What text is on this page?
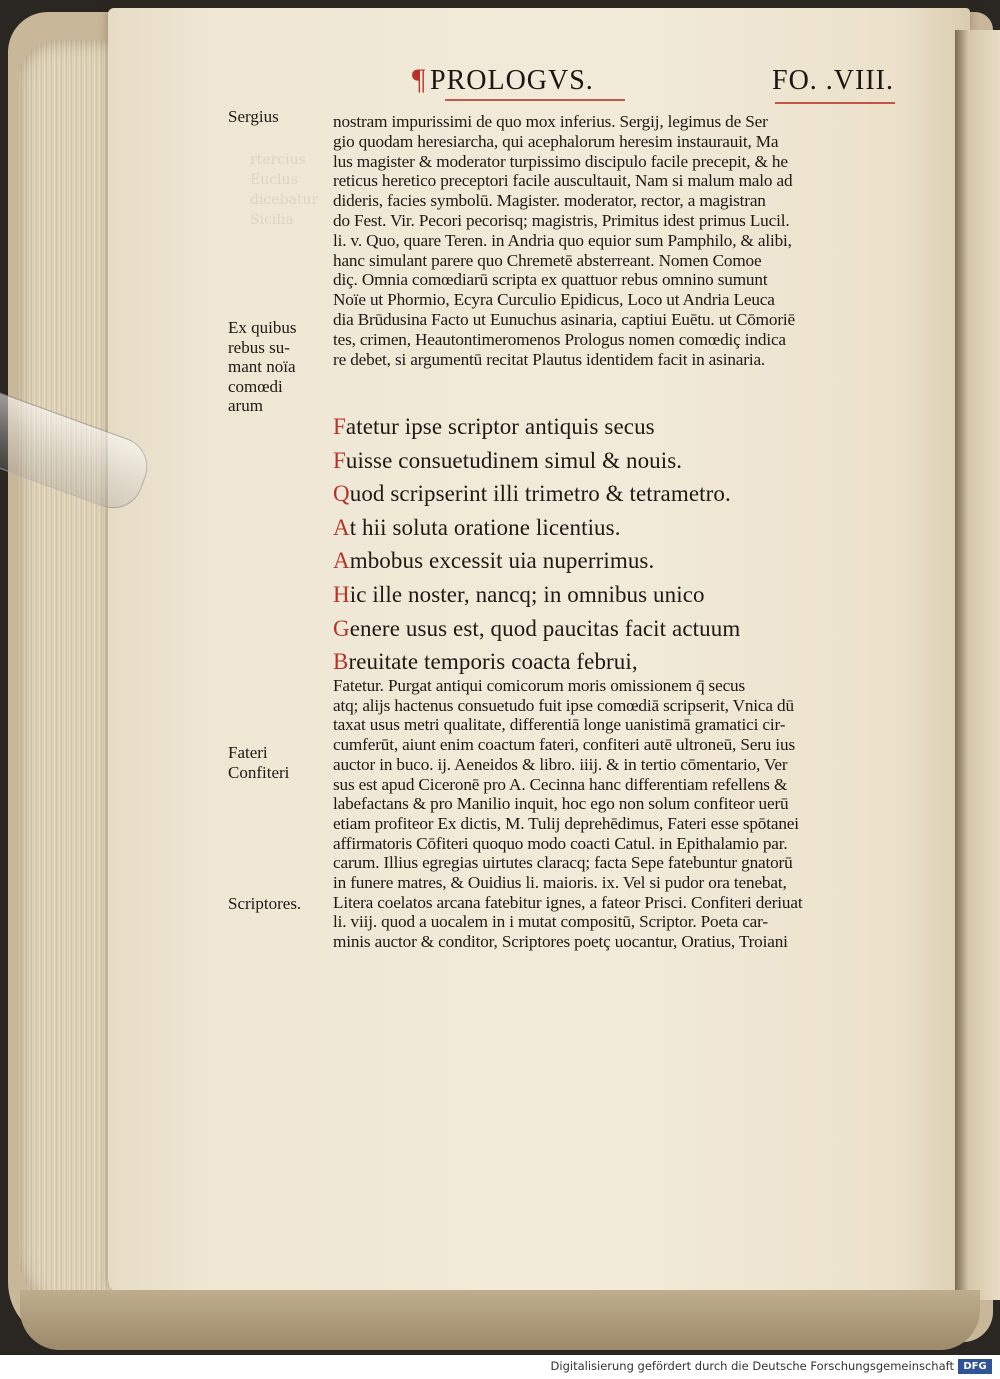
rtercius
Euclus
dicebatur
Sicilia

¶ PROLOGVS.	FO. .VIII.
Sergius
Ex quibus
rebus su-
mant noïa
comœdi
arum
Fateri
Confiteri
Scriptores.
nostram impurissimi de quo mox inferius. Sergij, legimus de Ser
gio quodam heresiarcha, qui acephalorum heresim instaurauit, Ma
lus magister & moderator turpissimo discipulo facile precepit, & he
reticus heretico preceptori facile auscultauit, Nam si malum malo ad
dideris, facies symbolū. Magister. moderator, rector, a magistran
do Fest. Vir. Pecori pecorisq; magistris, Primitus idest primus Lucil.
li. v. Quo, quare Teren. in Andria quo equior sum Pamphilo, & alibi,
hanc simulant parere quo Chremetē absterreant. Nomen Comoe
diç. Omnia comœdiarū scripta ex quattuor rebus omnino sumunt
Noïe ut Phormio, Ecyra Curculio Epidicus, Loco ut Andria Leuca
dia Brūdusina Facto ut Eunuchus asinaria, captiui Euētu. ut Cōmoriē
tes, crimen, Heautontimeromenos Prologus nomen comœdiç indica
re debet, si argumentū recitat Plautus identidem facit in asinaria.
Fatetur ipse scriptor antiquis secus
Fuisse consuetudinem simul & nouis.
Quod scripserint illi trimetro & tetrametro.
At hii soluta oratione licentius.
Ambobus excessit uia nuperrimus.
Hic ille noster, nancq; in omnibus unico
Genere usus est, quod paucitas facit actuum
Breuitate temporis coacta februi,
Fatetur. Purgat antiqui comicorum moris omissionem q̄ secus
atq; alijs hactenus consuetudo fuit ipse comœdiā scripserit, Vnica dū
taxat usus metri qualitate, differentiā longe uanistimā gramatici cir-
cumferūt, aiunt enim coactum fateri, confiteri autē ultroneū, Seru ius
auctor in buco. ij. Aeneidos & libro. iiij. & in tertio cōmentario, Ver
sus est apud Ciceronē pro A. Cecinna hanc differentiam refellens &
labefactans & pro Manilio inquit, hoc ego non solum confiteor uerū
etiam profiteor Ex dictis, M. Tulij deprehēdimus, Fateri esse spōtanei
affirmatoris Cōfiteri quoquo modo coacti Catul. in Epithalamio par.
carum. Illius egregias uirtutes claracq; facta Sepe fatebuntur gnatorū
in funere matres, & Ouidius li. maioris. ix. Vel si pudor ora tenebat,
Litera coelatos arcana fatebitur ignes, a fateor Prisci. Confiteri deriuat
li. viij. quod a uocalem in i mutat compositū, Scriptor. Poeta car-
minis auctor & conditor, Scriptores poetç uocantur, Oratius, Troiani
Digitalisierung gefördert durch die Deutsche Forschungsgemeinschaft DFG
